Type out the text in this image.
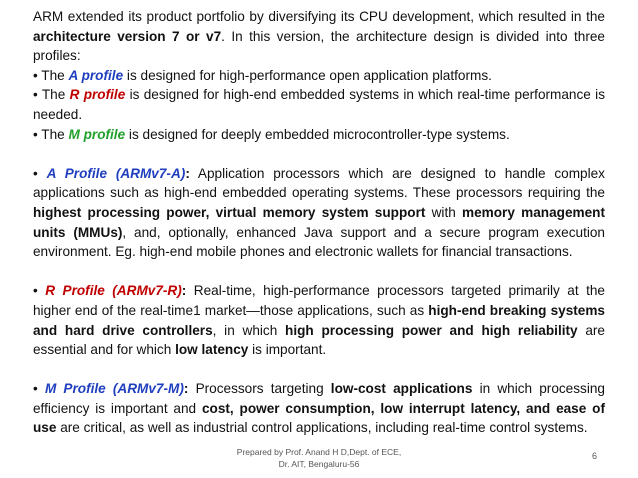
ARM extended its product portfolio by diversifying its CPU development, which resulted in the architecture version 7 or v7. In this version, the architecture design is divided into three profiles:

• The A profile is designed for high-performance open application platforms.

• The R profile is designed for high-end embedded systems in which real-time performance is needed.

• The M profile is designed for deeply embedded microcontroller-type systems.

• A Profile (ARMv7-A): Application processors which are designed to handle complex applications such as high-end embedded operating systems. These processors requiring the highest processing power, virtual memory system support with memory management units (MMUs), and, optionally, enhanced Java support and a secure program execution environment. Eg. high-end mobile phones and electronic wallets for financial transactions.

• R Profile (ARMv7-R): Real-time, high-performance processors targeted primarily at the higher end of the real-time1 market—those applications, such as high-end breaking systems and hard drive controllers, in which high processing power and high reliability are essential and for which low latency is important.

• M Profile (ARMv7-M): Processors targeting low-cost applications in which processing efficiency is important and cost, power consumption, low interrupt latency, and ease of use are critical, as well as industrial control applications, including real-time control systems.

Prepared by Prof. Anand H D,Dept. of ECE,
Dr. AIT, Bengaluru-56
6
